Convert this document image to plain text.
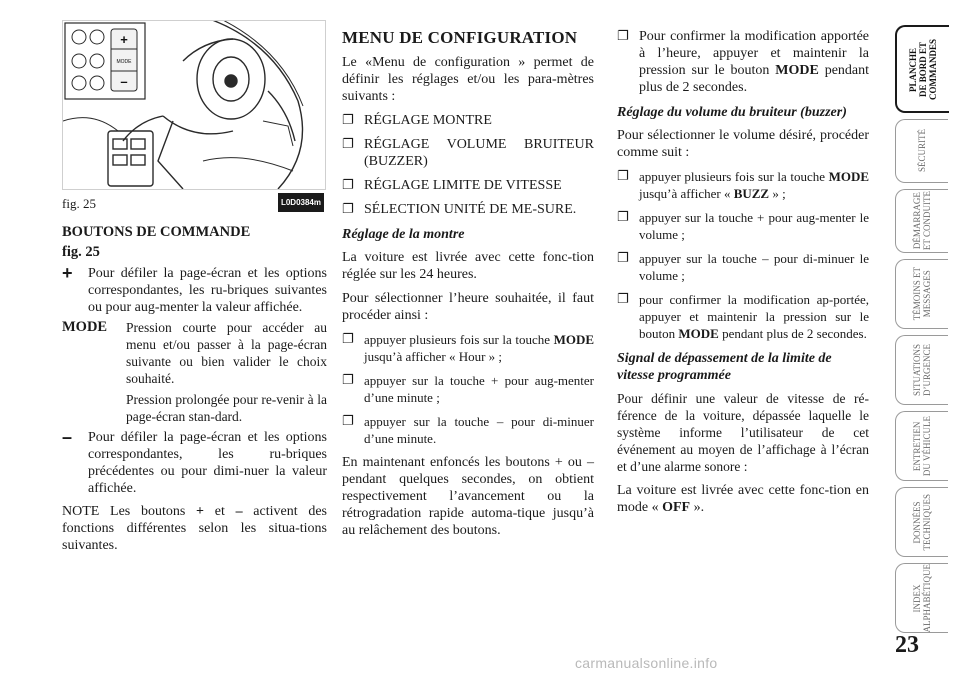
+
MODE
–
fig. 25	L0D0384m
BOUTONS DE COMMANDE
fig. 25
+	Pour défiler la page-écran et les options correspondantes, les ru-briques suivantes ou pour aug-menter la valeur affichée.
MODE Pression courte pour accéder au menu et/ou passer à la page-écran suivante ou bien valider le choix souhaité.

Pression prolongée pour re-venir à la page-écran stan-dard.

–	Pour défiler la page-écran et les options correspondantes, les ru-briques précédentes ou pour dimi-nuer la valeur affichée.
NOTE Les boutons + et – activent des fonctions différentes selon les situa-tions suivantes.
MENU DE CONFIGURATION

Le «Menu de configuration » permet de définir les réglages et/ou les para-mètres suivants :

❐ RÉGLAGE MONTRE
❐ RÉGLAGE VOLUME BRUITEUR (BUZZER)
❐ RÉGLAGE LIMITE DE VITESSE
❐ SÉLECTION UNITÉ DE ME-SURE.
Réglage de la montre

La voiture est livrée avec cette fonc-tion réglée sur les 24 heures.

Pour sélectionner l’heure souhaitée, il faut procéder ainsi :

❐ appuyer plusieurs fois sur la touche MODE jusqu’à afficher « Hour » ;
❐ appuyer sur la touche + pour aug-menter d’une minute ;
❐ appuyer sur la touche – pour di-minuer d’une minute.

En maintenant enfoncés les boutons + ou – pendant quelques secondes, on obtient respectivement l’avancement ou la rétrogradation rapide automa-tique jusqu’à au relâchement des boutons.

❐ Pour confirmer la modification apportée à l’heure, appuyer et maintenir la pression sur le bouton MODE pendant plus de 2 secondes.
Réglage du volume du bruiteur (buzzer)

Pour sélectionner le volume désiré, procéder comme suit :

❐ appuyer plusieurs fois sur la touche MODE jusqu’à afficher « BUZZ » ;
❐ appuyer sur la touche + pour aug-menter le volume ;
❐ appuyer sur la touche – pour di-minuer le volume ;
❐ pour confirmer la modification ap-portée, appuyer et maintenir la pression sur le bouton MODE pendant plus de 2 secondes.
Signal de dépassement de la limite de vitesse programmée

Pour définir une valeur de vitesse de ré-férence de la voiture, dépassée laquelle le système informe l’utilisateur de cet événement au moyen de l’affichage à l’écran et d’une alarme sonore :

La voiture est livrée avec cette fonc-tion en mode « OFF ».

PLANCHE
DE BORD ET
COMMANDES
SÉCURITÉ
DÉMARRAGE
ET CONDUITE
TÉMOINS ET
MESSAGES
SITUATIONS
D’URGENCE
ENTRETIEN
DU VÉHICULE
DONNÉES
TECHNIQUES
INDEX
ALPHABÉTIQUE
23
carmanualsonline.info
